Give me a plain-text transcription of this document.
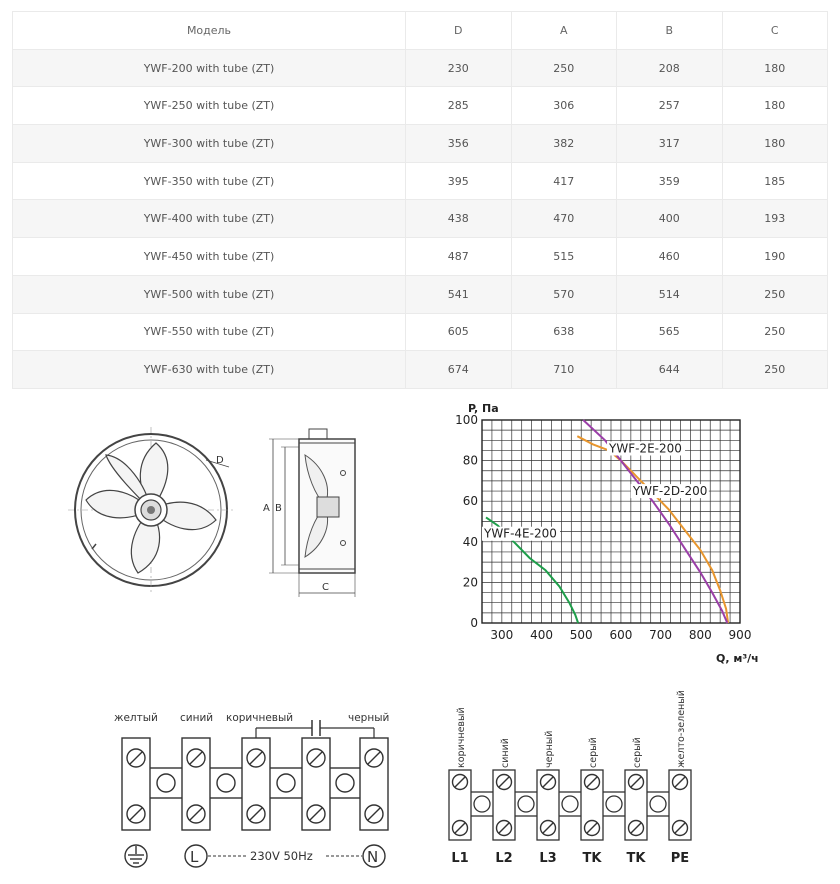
Модель	D	A	B	C
YWF-200 with tube (ZT)	230	250	208	180
YWF-250 with tube (ZT)	285	306	257	180
YWF-300 with tube (ZT)	356	382	317	180
YWF-350 with tube (ZT)	395	417	359	185
YWF-400 with tube (ZT)	438	470	400	193
YWF-450 with tube (ZT)	487	515	460	190
YWF-500 with tube (ZT)	541	570	514	250
YWF-550 with tube (ZT)	605	638	565	250
YWF-630 with tube (ZT)	674	710	644	250
D
A B
C
300 400 500 600 700 800 900
0
20
40
60
80
100
YWF-2E-200
YWF-2D-200
YWF-4E-200
P, Па
Q, м³/ч
желтый синий коричневый	черный
L	230V 50Hz	N
коричневый	синий	черный	серый	серый	желто-зеленый
L1 L2 L3 TK TK PE
